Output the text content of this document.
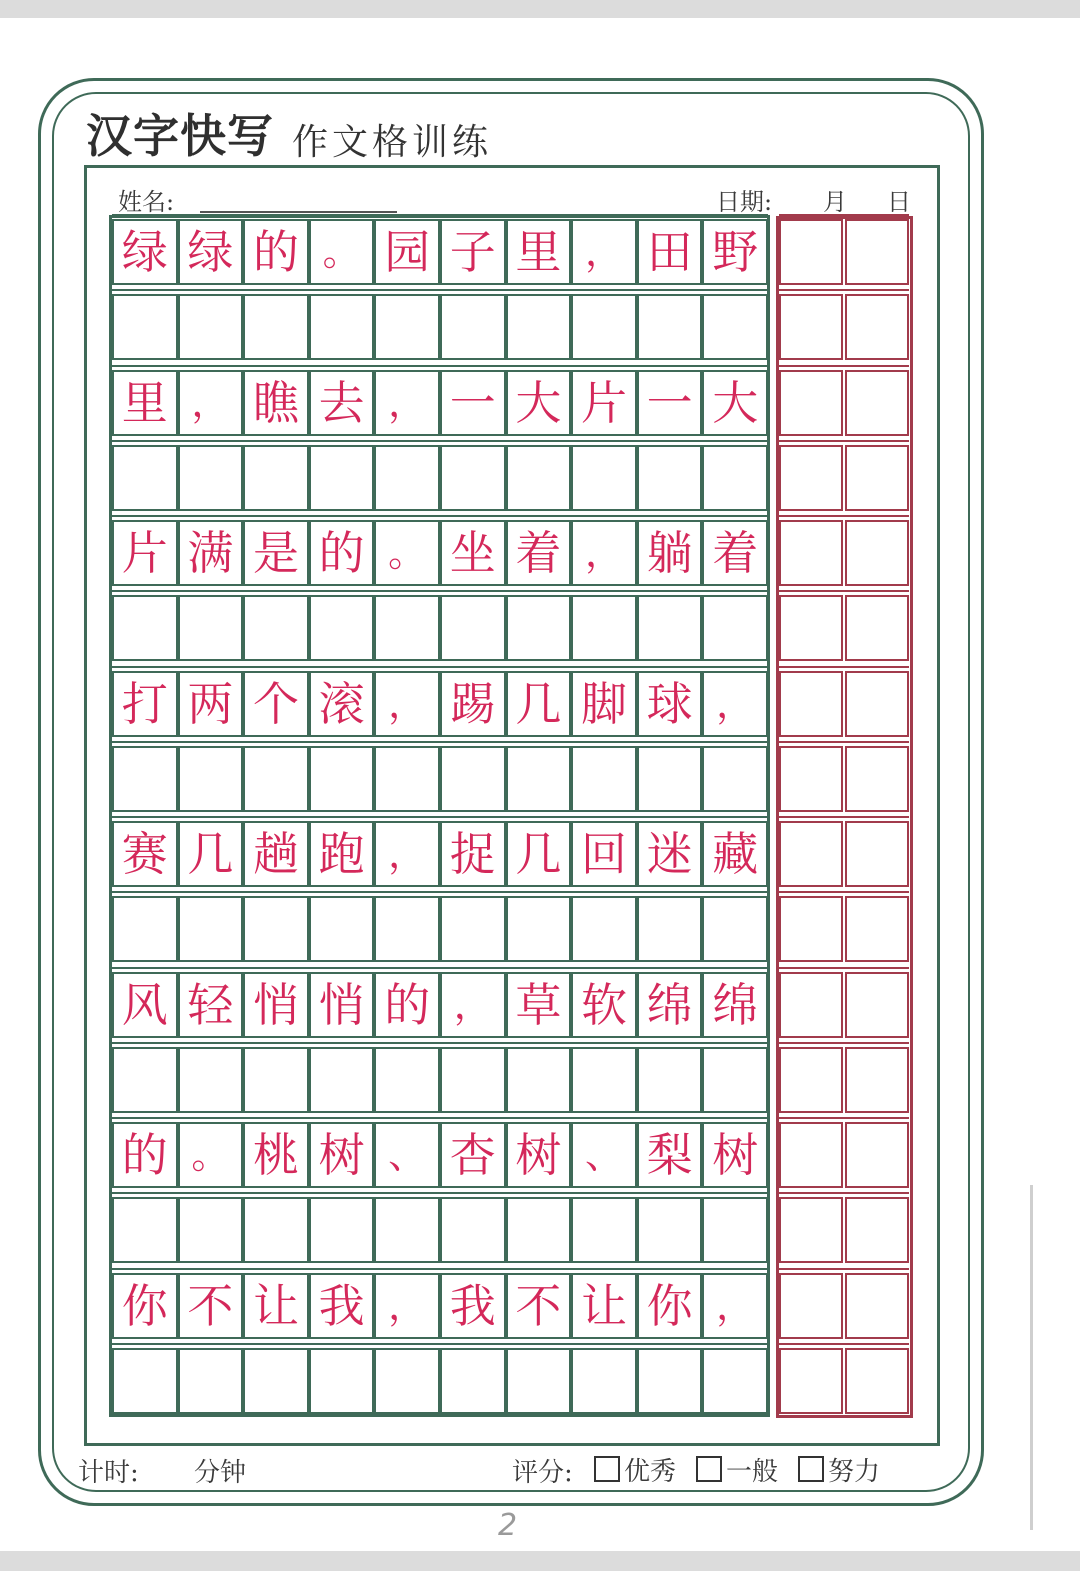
汉字快写 作文格训练
姓名:	日期: 月 日
绿 绿 的 。 园 子 里 ， 田 野
里 ， 瞧 去 ， 一 大 片 一 大
片 满 是 的 。 坐 着 ， 躺 着
打 两 个 滚 ， 踢 几 脚 球 ，
赛 几 趟 跑 ， 捉 几 回 迷 藏
风 轻 悄 悄 的 ， 草 软 绵 绵
的 。 桃 树 、 杏 树 、 梨 树
你 不 让 我 ， 我 不 让 你 ，
计时: 分钟	评分: 优秀 一般 努力
2
